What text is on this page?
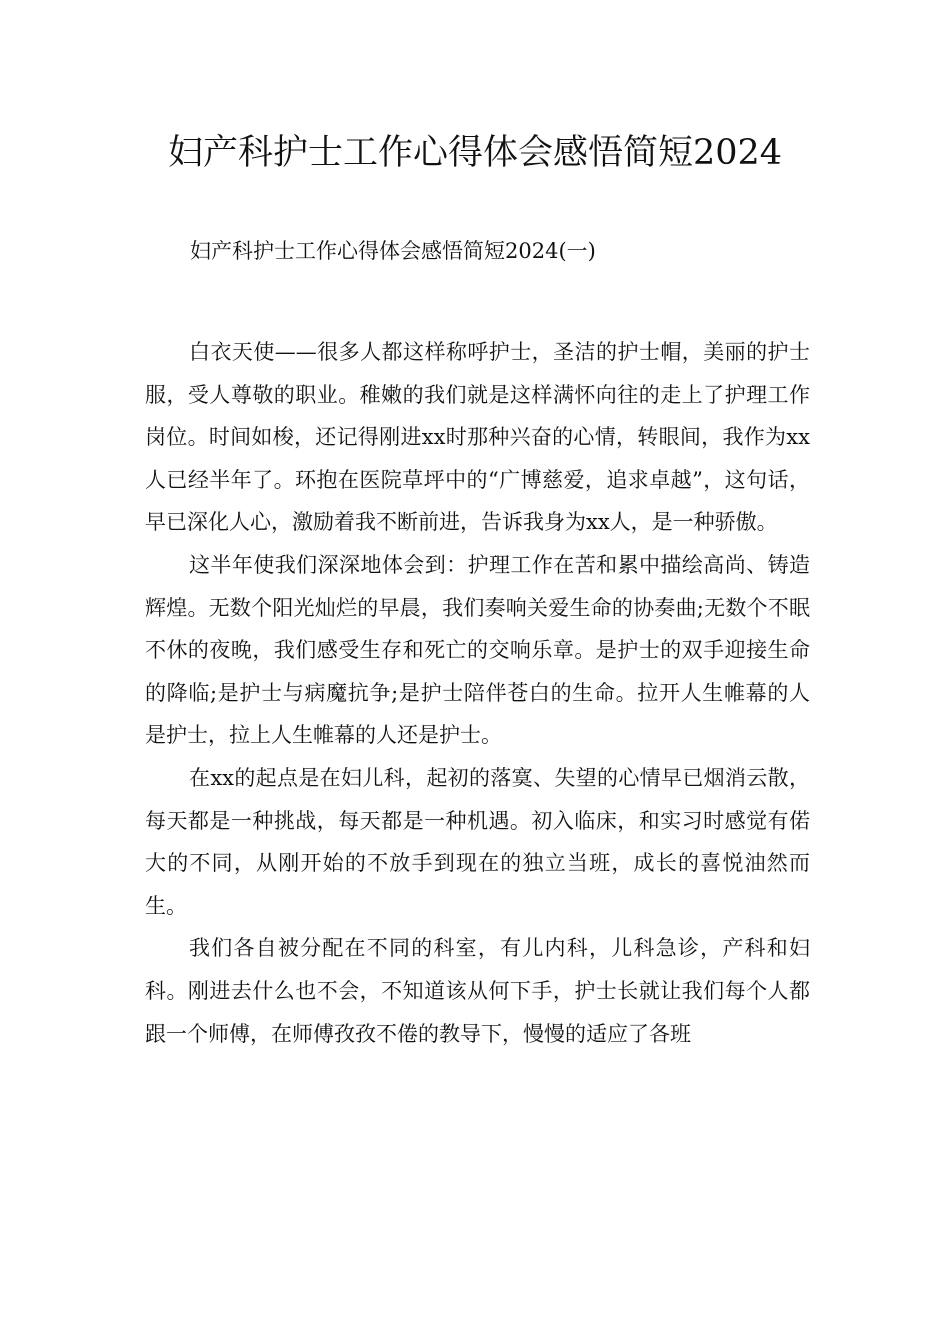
妇产科护士工作心得体会感悟简短2024

妇产科护士工作心得体会感悟简短2024(一)

白衣天使——很多人都这样称呼护士，圣洁的护士帽，美丽的护士服，受人尊敬的职业。稚嫩的我们就是这样满怀向往的走上了护理工作岗位。时间如梭，还记得刚进xx时那种兴奋的心情，转眼间，我作为xx人已经半年了。环抱在医院草坪中的“广博慈爱，追求卓越”，这句话，早已深化人心，激励着我不断前进，告诉我身为xx人，是一种骄傲。

这半年使我们深深地体会到：护理工作在苦和累中描绘高尚、铸造辉煌。无数个阳光灿烂的早晨，我们奏响关爱生命的协奏曲;无数个不眠不休的夜晚，我们感受生存和死亡的交响乐章。是护士的双手迎接生命的降临;是护士与病魔抗争;是护士陪伴苍白的生命。拉开人生帷幕的人是护士，拉上人生帷幕的人还是护士。

在xx的起点是在妇儿科，起初的落寞、失望的心情早已烟消云散，每天都是一种挑战，每天都是一种机遇。初入临床，和实习时感觉有偌大的不同，从刚开始的不放手到现在的独立当班，成长的喜悦油然而生。

我们各自被分配在不同的科室，有儿内科，儿科急诊，产科和妇科。刚进去什么也不会，不知道该从何下手，护士长就让我们每个人都跟一个师傅，在师傅孜孜不倦的教导下，慢慢的适应了各班
